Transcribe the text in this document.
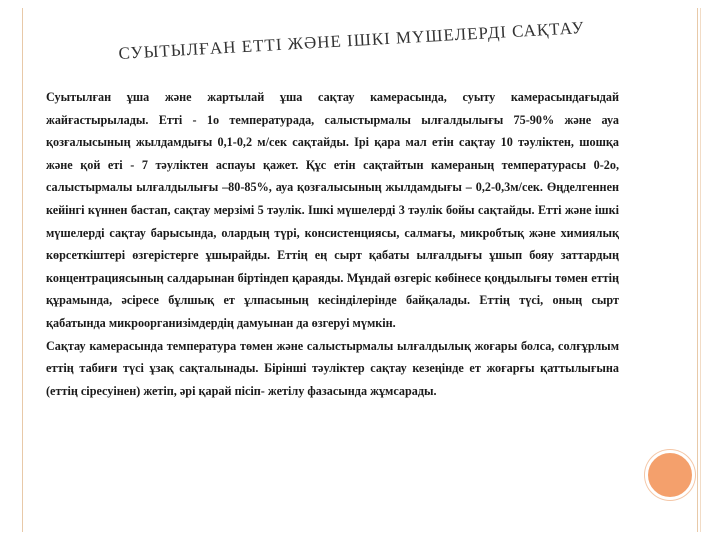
СУЫТЫЛҒАН ЕТТІ ЖӘНЕ ІШКІ МҮШЕЛЕРДІ САҚТАУ

Суытылған ұша және жартылай ұша сақтау камерасында, суыту камерасындағыдай жайғастырылады. Етті - 1о температурада, салыстырмалы ылғалдылығы 75-90% және ауа қозғалысының жылдамдығы 0,1-0,2 м/сек сақтайды. Ірі қара мал етін сақтау 10 тәуліктен, шошқа және қой еті - 7 тәуліктен аспауы қажет. Құс етін сақтайтын камераның температурасы 0-2о, салыстырмалы ылғалдылығы –80-85%, ауа қозғалысының жылдамдығы – 0,2-0,3м/сек. Өңделгеннен кейінгі күннен бастап, сақтау мерзімі 5 тәулік. Ішкі мүшелерді 3 тәулік бойы сақтайды. Етті және ішкі мүшелерді сақтау барысында, олардың түрі, консистенциясы, салмағы, микробтық және химиялық көрсеткіштері өзгерістерге ұшырайды. Еттің ең сырт қабаты ылғалдығы ұшып бояу заттардың концентрациясының салдарынан біртіндеп қараяды. Мұндай өзгеріс көбінесе қоңдылығы төмен еттің құрамында, әсіресе бұлшық ет ұлпасының кесінділерінде байқалады. Еттің түсі, оның сырт қабатында микроорганизімдердің дамуынан да өзгеруі мүмкін.

Сақтау камерасында температура төмен және салыстырмалы ылғалдылық жоғары болса, солғұрлым еттің табиғи түсі ұзақ сақталынады. Бірінші тәуліктер сақтау кезеңінде ет жоғарғы қаттылығына (еттің сіресуінен) жетіп, әрі қарай пісіп- жетілу фазасында жұмсарады.
